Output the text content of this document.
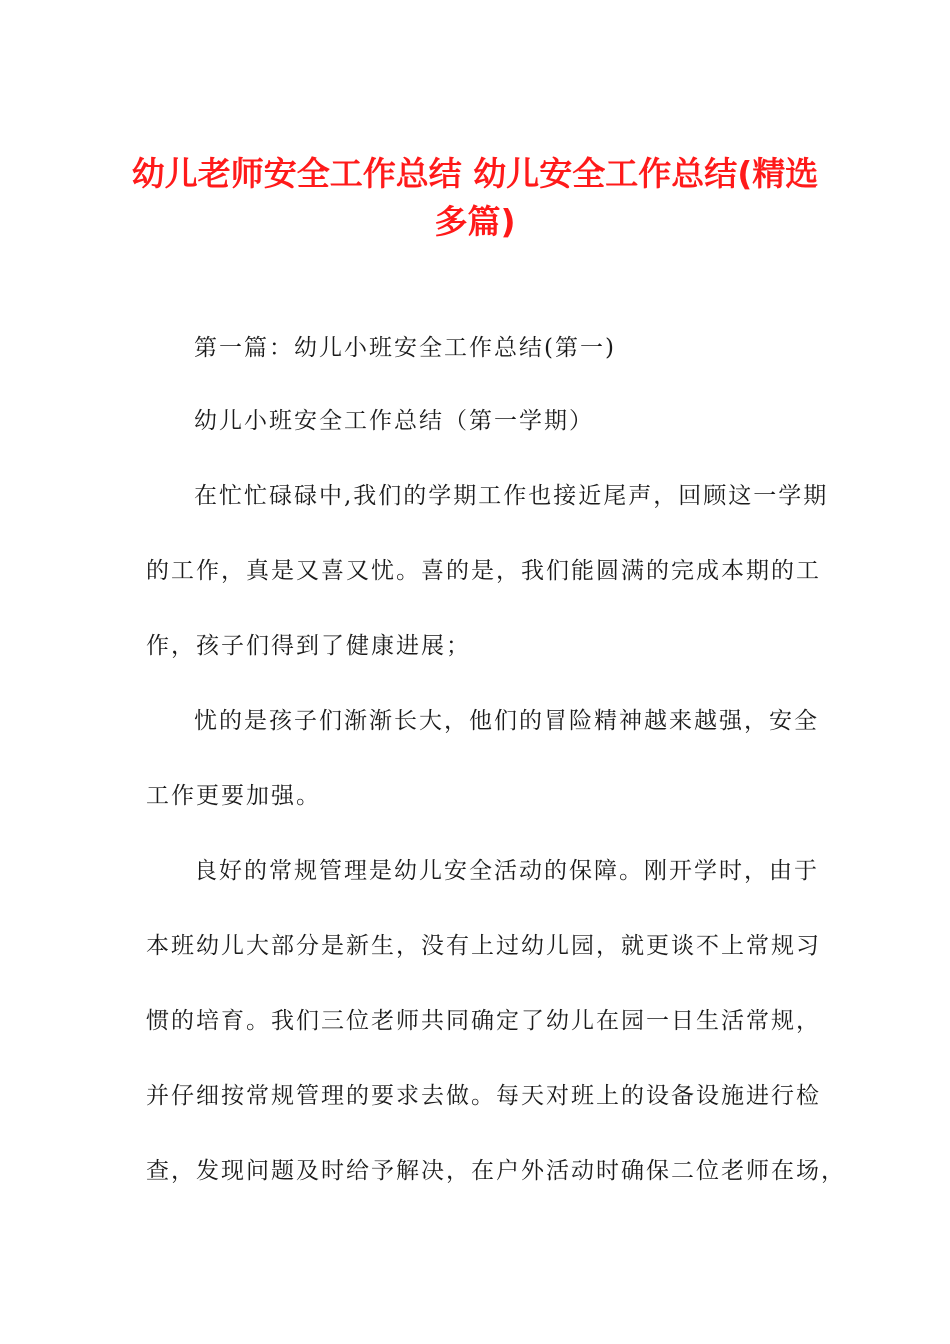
幼儿老师安全工作总结 幼儿安全工作总结(精选多篇)

第一篇：幼儿小班安全工作总结(第一)

幼儿小班安全工作总结（第一学期）

在忙忙碌碌中,我们的学期工作也接近尾声，回顾这一学期
的工作，真是又喜又忧。喜的是，我们能圆满的完成本期的工
作，孩子们得到了健康进展；
忧的是孩子们渐渐长大，他们的冒险精神越来越强，安全
工作更要加强。
良好的常规管理是幼儿安全活动的保障。刚开学时，由于
本班幼儿大部分是新生，没有上过幼儿园，就更谈不上常规习
惯的培育。我们三位老师共同确定了幼儿在园一日生活常规，
并仔细按常规管理的要求去做。每天对班上的设备设施进行检
查，发现问题及时给予解决，在户外活动时确保二位老师在场，
